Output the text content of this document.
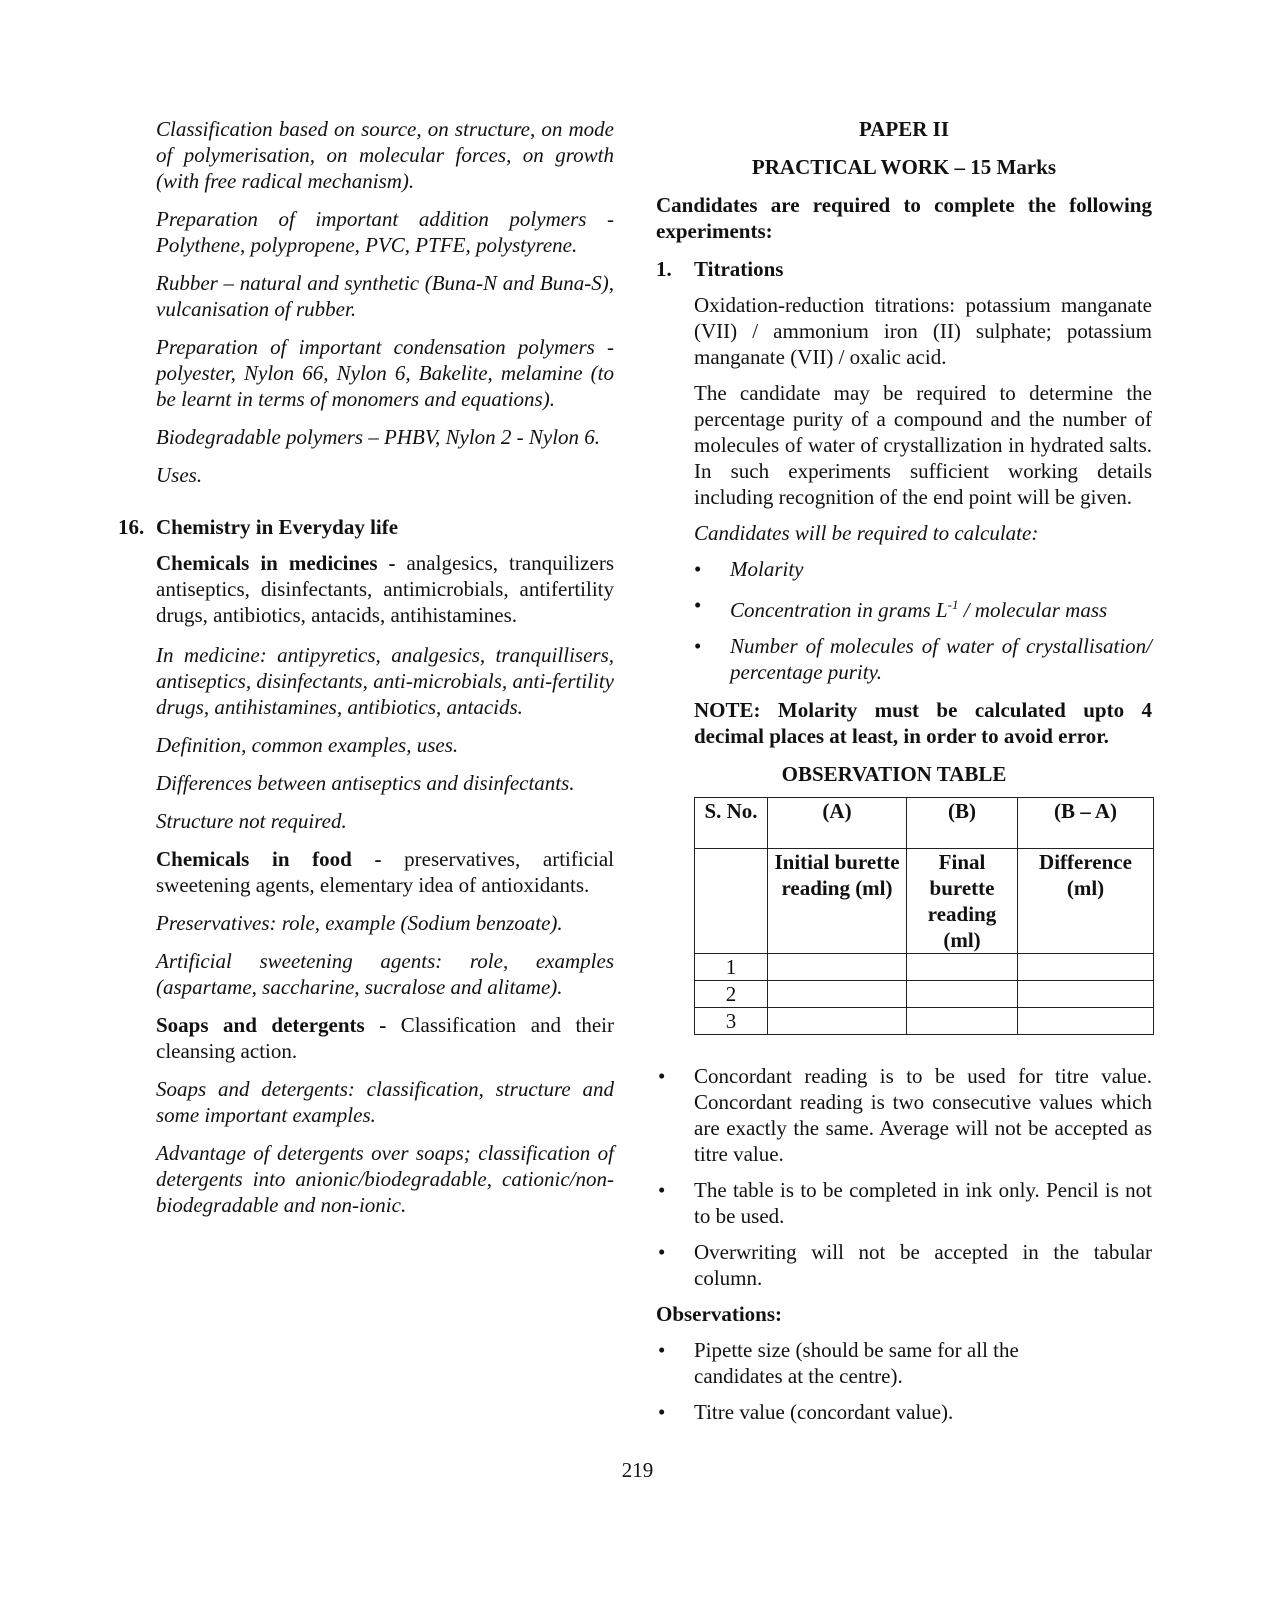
Classification based on source, on structure, on mode of polymerisation, on molecular forces, on growth (with free radical mechanism).

Preparation of important addition polymers - Polythene, polypropene, PVC, PTFE, polystyrene.

Rubber – natural and synthetic (Buna-N and Buna-S), vulcanisation of rubber.

Preparation of important condensation polymers - polyester, Nylon 66, Nylon 6, Bakelite, melamine (to be learnt in terms of monomers and equations).

Biodegradable polymers – PHBV, Nylon 2 - Nylon 6.

Uses.

16. Chemistry in Everyday life

Chemicals in medicines - analgesics, tranquilizers antiseptics, disinfectants, antimicrobials, antifertility drugs, antibiotics, antacids, antihistamines.

In medicine: antipyretics, analgesics, tranquillisers, antiseptics, disinfectants, anti-microbials, anti-fertility drugs, antihistamines, antibiotics, antacids.

Definition, common examples, uses.

Differences between antiseptics and disinfectants.

Structure not required.

Chemicals in food - preservatives, artificial sweetening agents, elementary idea of antioxidants.

Preservatives: role, example (Sodium benzoate).

Artificial sweetening agents: role, examples (aspartame, saccharine, sucralose and alitame).

Soaps and detergents - Classification and their cleansing action.

Soaps and detergents: classification, structure and some important examples.

Advantage of detergents over soaps; classification of detergents into anionic/biodegradable, cationic/non-biodegradable and non-ionic.

PAPER II

PRACTICAL WORK – 15 Marks

Candidates are required to complete the following experiments:

1.	Titrations

Oxidation-reduction titrations: potassium manganate (VII) / ammonium iron (II) sulphate; potassium manganate (VII) / oxalic acid.

The candidate may be required to determine the percentage purity of a compound and the number of molecules of water of crystallization in hydrated salts. In such experiments sufficient working details including recognition of the end point will be given.

Candidates will be required to calculate:

• Molarity
• Concentration in grams $L^{-1}$ / molecular mass
• Number of molecules of water of crystallisation/ percentage purity.

NOTE: Molarity must be calculated upto 4 decimal places at least, in order to avoid error.

OBSERVATION TABLE

S. No.	(A)	(B)	(B – A)
	Initial burette reading (ml)	Final burette reading (ml)	Difference (ml)
1			
2			
3			
• Concordant reading is to be used for titre value. Concordant reading is two consecutive values which are exactly the same. Average will not be accepted as titre value.
• The table is to be completed in ink only. Pencil is not to be used.
• Overwriting will not be accepted in the tabular column.

Observations:

• Pipette size (should be same for all the candidates at the centre).
• Titre value (concordant value).
219
